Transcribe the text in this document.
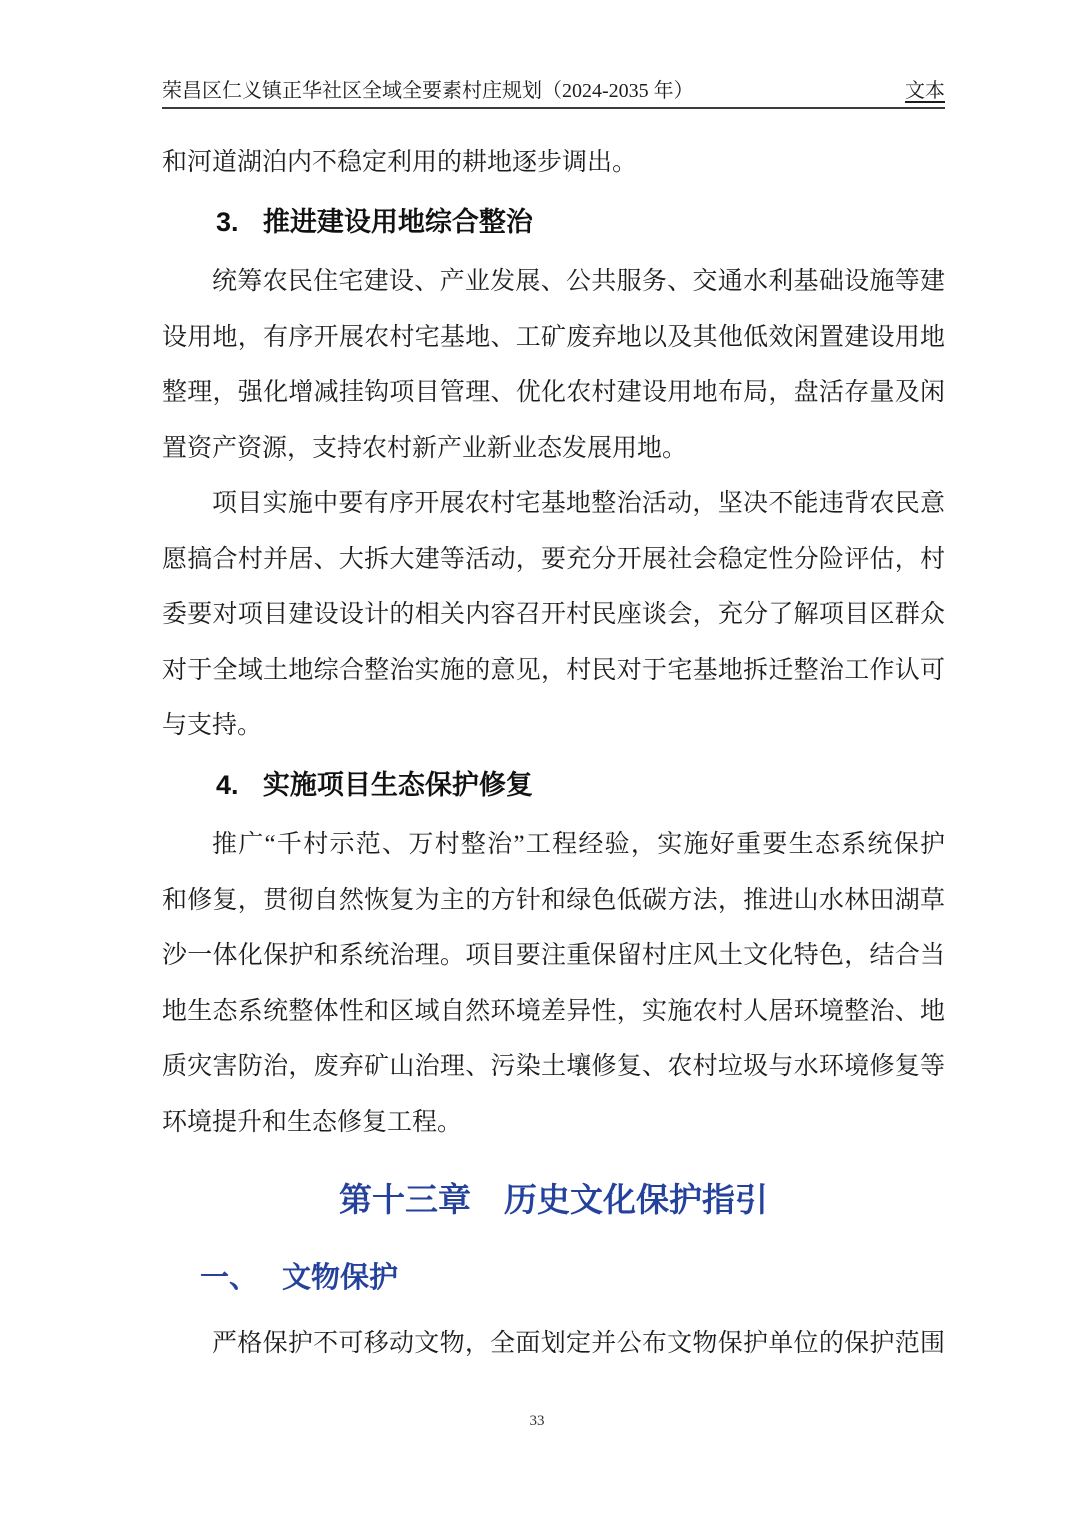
荣昌区仁义镇正华社区全域全要素村庄规划（2024-2035 年）	文本
和河道湖泊内不稳定利用的耕地逐步调出。
3. 推进建设用地综合整治
统筹农民住宅建设、产业发展、公共服务、交通水利基础设施等建
设用地，有序开展农村宅基地、工矿废弃地以及其他低效闲置建设用地
整理，强化增减挂钩项目管理、优化农村建设用地布局，盘活存量及闲
置资产资源，支持农村新产业新业态发展用地。
项目实施中要有序开展农村宅基地整治活动，坚决不能违背农民意
愿搞合村并居、大拆大建等活动，要充分开展社会稳定性分险评估，村
委要对项目建设设计的相关内容召开村民座谈会，充分了解项目区群众
对于全域土地综合整治实施的意见，村民对于宅基地拆迁整治工作认可
与支持。
4. 实施项目生态保护修复
推广“千村示范、万村整治”工程经验，实施好重要生态系统保护
和修复，贯彻自然恢复为主的方针和绿色低碳方法，推进山水林田湖草
沙一体化保护和系统治理。项目要注重保留村庄风土文化特色，结合当
地生态系统整体性和区域自然环境差异性，实施农村人居环境整治、地
质灾害防治，废弃矿山治理、污染土壤修复、农村垃圾与水环境修复等
环境提升和生态修复工程。
第十三章　历史文化保护指引
一、 文物保护
严格保护不可移动文物，全面划定并公布文物保护单位的保护范围
33
